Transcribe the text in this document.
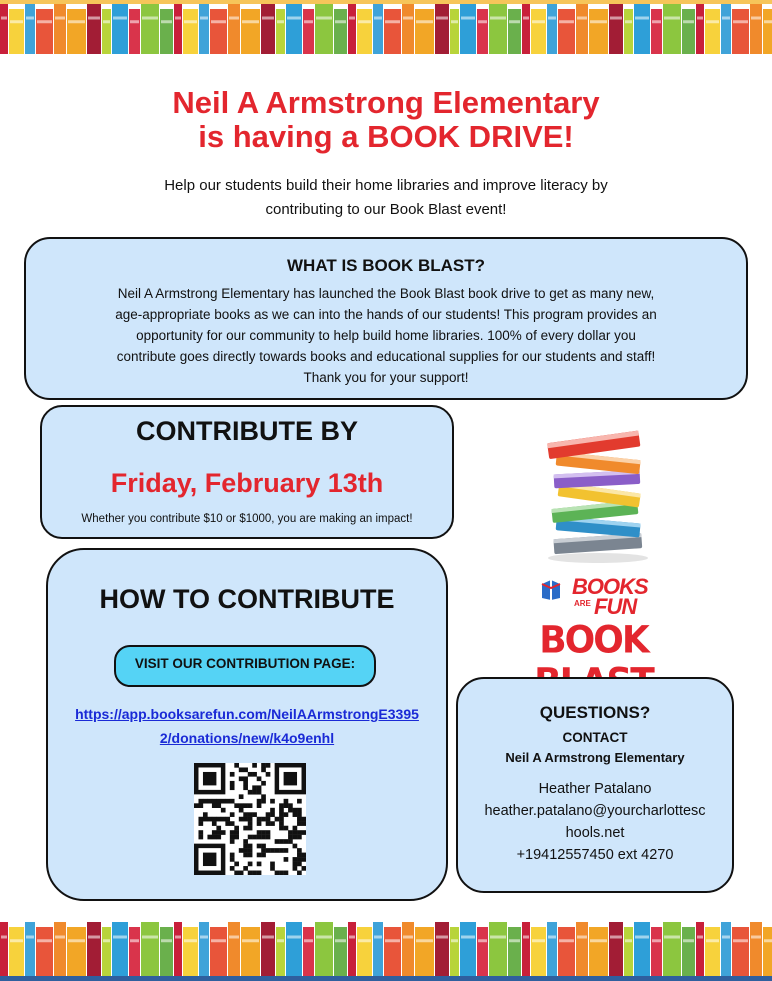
Neil A Armstrong Elementary
is having a BOOK DRIVE!
Help our students build their home libraries and improve literacy by
contributing to our Book Blast event!
WHAT IS BOOK BLAST?
Neil A Armstrong Elementary has launched the Book Blast book drive to get as many new,
age-appropriate books as we can into the hands of our students! This program provides an
opportunity for our community to help build home libraries. 100% of every dollar you
contribute goes directly towards books and educational supplies for our students and staff!
Thank you for your support!
CONTRIBUTE BY
Friday, February 13th
Whether you contribute $10 or $1000, you are making an impact!
HOW TO CONTRIBUTE
VISIT OUR CONTRIBUTION PAGE:
https://app.booksarefun.com/NeilAArmstrongE3395
2/donations/new/k4o9enhl
BOOKS
ARE FUN
BOOK
QUESTIONS?
CONTACT
Neil A Armstrong Elementary
Heather Patalano
heather.patalano@yourcharlottesc
hools.net
+19412557450 ext 4270
